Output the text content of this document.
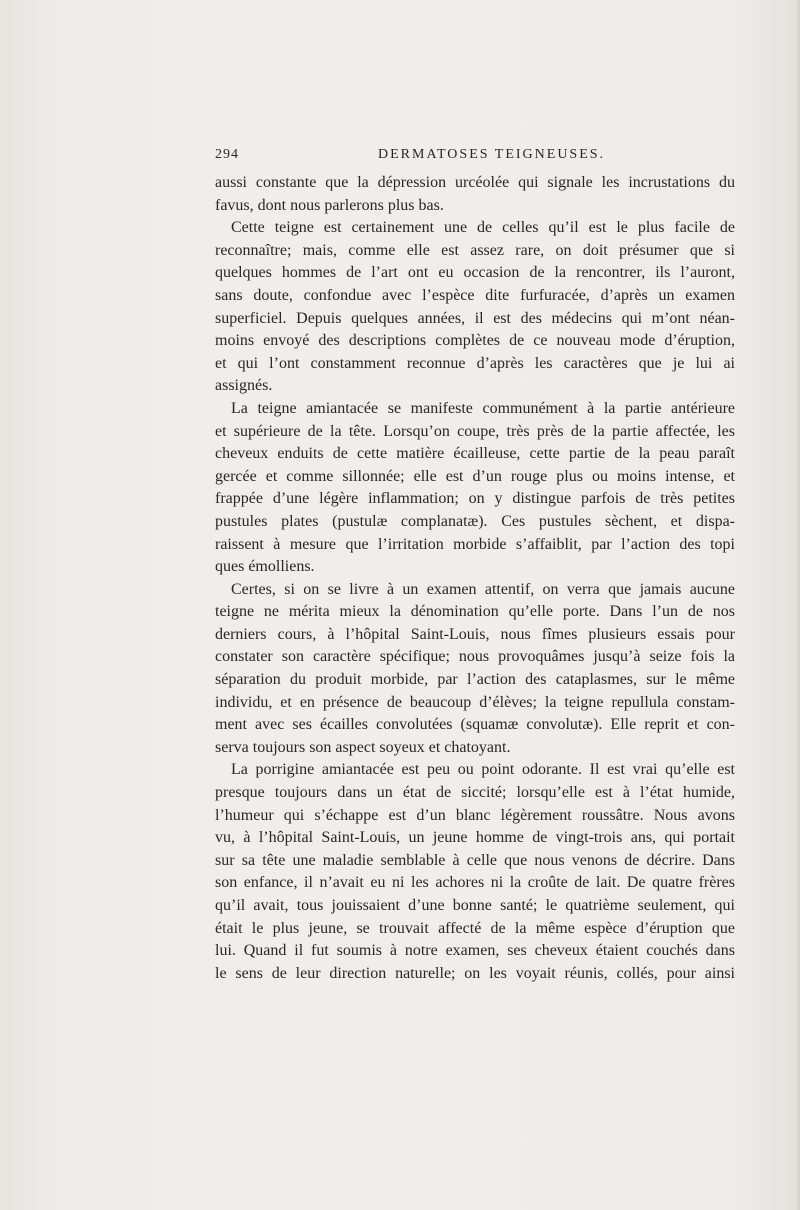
294	DERMATOSES TEIGNEUSES.
aussi constante que la dépression urcéolée qui signale les incrustations du
favus, dont nous parlerons plus bas.
Cette teigne est certainement une de celles qu’il est le plus facile de
reconnaître; mais, comme elle est assez rare, on doit présumer que si
quelques hommes de l’art ont eu occasion de la rencontrer, ils l’auront,
sans doute, confondue avec l’espèce dite furfuracée, d’après un examen
superficiel. Depuis quelques années, il est des médecins qui m’ont néan-
moins envoyé des descriptions complètes de ce nouveau mode d’éruption,
et qui l’ont constamment reconnue d’après les caractères que je lui ai
assignés.
La teigne amiantacée se manifeste communément à la partie antérieure
et supérieure de la tête. Lorsqu’on coupe, très près de la partie affectée, les
cheveux enduits de cette matière écailleuse, cette partie de la peau paraît
gercée et comme sillonnée; elle est d’un rouge plus ou moins intense, et
frappée d’une légère inflammation; on y distingue parfois de très petites
pustules plates (pustulæ complanatæ). Ces pustules sèchent, et dispa-
raissent à mesure que l’irritation morbide s’affaiblit, par l’action des topi
ques émolliens.
Certes, si on se livre à un examen attentif, on verra que jamais aucune
teigne ne mérita mieux la dénomination qu’elle porte. Dans l’un de nos
derniers cours, à l’hôpital Saint-Louis, nous fîmes plusieurs essais pour
constater son caractère spécifique; nous provoquâmes jusqu’à seize fois la
séparation du produit morbide, par l’action des cataplasmes, sur le même
individu, et en présence de beaucoup d’élèves; la teigne repullula constam-
ment avec ses écailles convolutées (squamæ convolutæ). Elle reprit et con-
serva toujours son aspect soyeux et chatoyant.
La porrigine amiantacée est peu ou point odorante. Il est vrai qu’elle est
presque toujours dans un état de siccité; lorsqu’elle est à l’état humide,
l’humeur qui s’échappe est d’un blanc légèrement roussâtre. Nous avons
vu, à l’hôpital Saint-Louis, un jeune homme de vingt-trois ans, qui portait
sur sa tête une maladie semblable à celle que nous venons de décrire. Dans
son enfance, il n’avait eu ni les achores ni la croûte de lait. De quatre frères
qu’il avait, tous jouissaient d’une bonne santé; le quatrième seulement, qui
était le plus jeune, se trouvait affecté de la même espèce d’éruption que
lui. Quand il fut soumis à notre examen, ses cheveux étaient couchés dans
le sens de leur direction naturelle; on les voyait réunis, collés, pour ainsi
